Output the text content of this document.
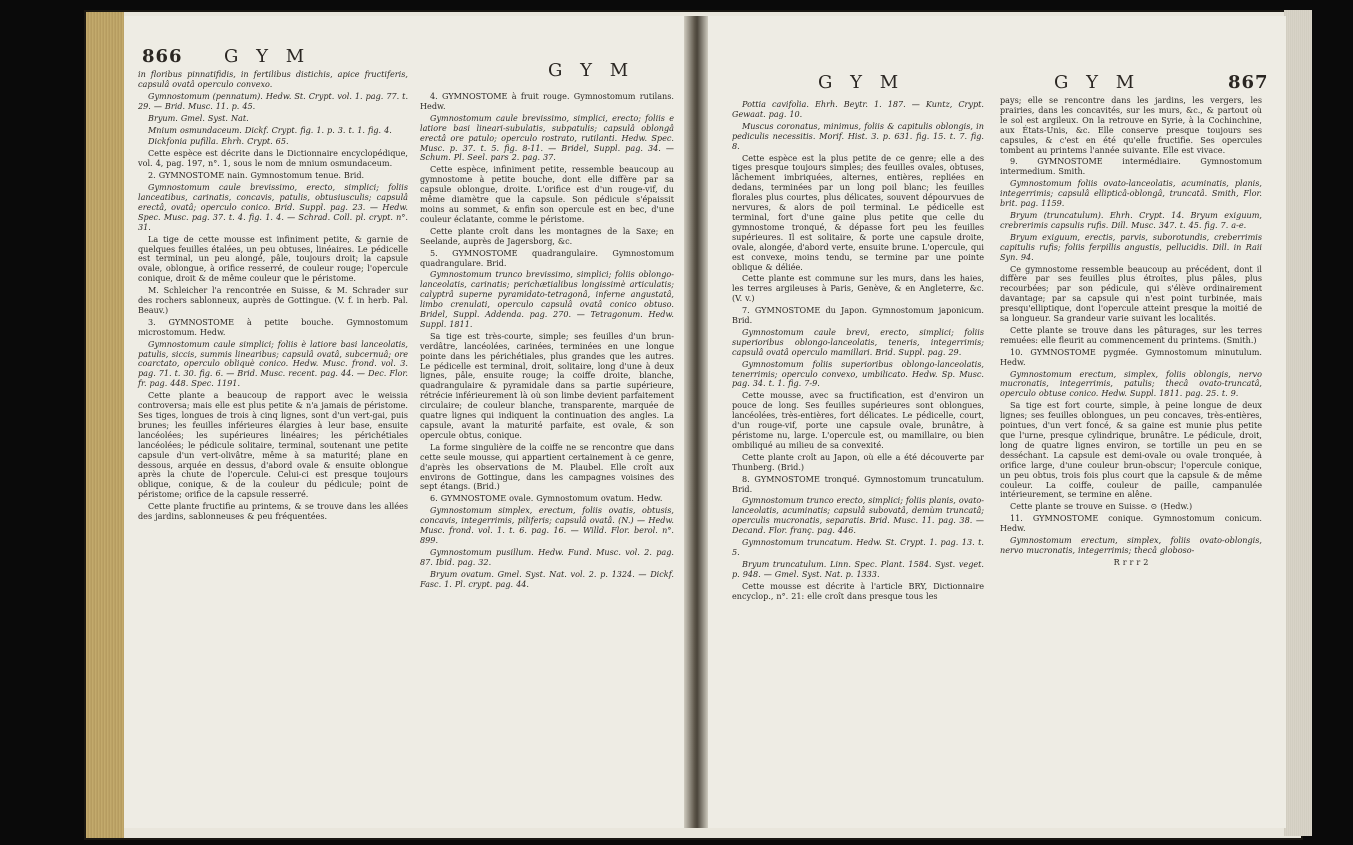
866 G Y M
G Y M

in floribus pinnatifidis, in fertilibus distichis, apice fructiferis, capsulâ ovatâ operculo convexo.

Gymnostomum (pennatum). Hedw. St. Crypt. vol. 1. pag. 77. t. 29. — Brid. Musc. 11. p. 45.

Bryum. Gmel. Syst. Nat.

Mnium osmundaceum. Dickf. Crypt. fig. 1. p. 3. t. 1. fig. 4.

Dickfonia pufilla. Ehrh. Crypt. 65.

Cette espèce est décrite dans le Dictionnaire encyclopédique, vol. 4, pag. 197, n°. 1, sous le nom de mnium osmundaceum.

2. GYMNOSTOME nain. Gymnostomum tenue. Brid.

Gymnostomum caule brevissimo, erecto, simplici; foliis lanceatibus, carinatis, concavis, patulis, obtusiusculis; capsulâ erectâ, ovatâ; operculo conico. Brid. Suppl. pag. 23. — Hedw. Spec. Musc. pag. 37. t. 4. fig. 1. 4. — Schrad. Coll. pl. crypt. n°. 31.

La tige de cette mousse est infiniment petite, & garnie de quelques feuilles étalées, un peu obtuses, linéaires. Le pédicelle est terminal, un peu alongé, pâle, toujours droit; la capsule ovale, oblongue, à orifice resserré, de couleur rouge; l'opercule conique, droit & de même couleur que le péristome.

M. Schleicher l'a rencontrée en Suisse, & M. Schrader sur des rochers sablonneux, auprès de Gottingue. (V. f. in herb. Pal. Beauv.)

3. GYMNOSTOME à petite bouche. Gymnostomum microstomum. Hedw.

Gymnostomum caule simplici; foliis è latiore basi lanceolatis, patulis, siccis, summis linearibus; capsulâ ovatâ, subcernuâ; ore coarctato, operculo obliquè conico. Hedw. Musc. frond. vol. 3. pag. 71. t. 30. fig. 6. — Brid. Musc. recent. pag. 44. — Dec. Flor. fr. pag. 448. Spec. 1191.

Cette plante a beaucoup de rapport avec le weissia controversa; mais elle est plus petite & n'a jamais de péristome. Ses tiges, longues de trois à cinq lignes, sont d'un vert-gai, puis brunes; les feuilles inférieures élargies à leur base, ensuite lancéolées; les supérieures linéaires; les périchétiales lancéolées; le pédicule solitaire, terminal, soutenant une petite capsule d'un vert-olivâtre, même à sa maturité; plane en dessous, arquée en dessus, d'abord ovale & ensuite oblongue après la chute de l'opercule. Celui-ci est presque toujours oblique, conique, & de la couleur du pédicule; point de péristome; orifice de la capsule resserré.

Cette plante fructifie au printems, & se trouve dans les allées des jardins, sablonneuses & peu fréquentées.

4. GYMNOSTOME à fruit rouge. Gymnostomum rutilans. Hedw.

Gymnostomum caule brevissimo, simplici, erecto; foliis e latiore basi lineari-subulatis, subpatulis; capsulâ oblongâ erectâ ore patulo; operculo rostrato, rutilanti. Hedw. Spec. Musc. p. 37. t. 5. fig. 8-11. — Bridel, Suppl. pag. 34. — Schum. Pl. Seel. pars 2. pag. 37.

Cette espèce, infiniment petite, ressemble beaucoup au gymnostome à petite bouche, dont elle diffère par sa capsule oblongue, droite. L'orifice est d'un rouge-vif, du même diamètre que la capsule. Son pédicule s'épaissit moins au sommet, & enfin son opercule est en bec, d'une couleur éclatante, comme le péristome.

Cette plante croît dans les montagnes de la Saxe; en Seelande, auprès de Jagersborg, &c.

5. GYMNOSTOME quadrangulaire. Gymnostomum quadrangulare. Brid.

Gymnostomum trunco brevissimo, simplici; foliis oblongo-lanceolatis, carinatis; perichætialibus longissimè articulatis; calyptrâ superne pyramidato-tetragonâ, inferne angustatâ, limbo crenulati, operculo capsulâ ovatâ conico obtuso. Bridel, Suppl. Addenda. pag. 270. — Tetragonum. Hedw. Suppl. 1811.

Sa tige est très-courte, simple; ses feuilles d'un brun-verdâtre, lancéolées, carinées, terminées en une longue pointe dans les périchétiales, plus grandes que les autres. Le pédicelle est terminal, droit, solitaire, long d'une à deux lignes, pâle, ensuite rouge; la coiffe droite, blanche, quadrangulaire & pyramidale dans sa partie supérieure, rétrécie inférieurement là où son limbe devient parfaitement circulaire; de couleur blanche, transparente, marquée de quatre lignes qui indiquent la continuation des angles. La capsule, avant la maturité parfaite, est ovale, & son opercule obtus, conique.

La forme singulière de la coiffe ne se rencontre que dans cette seule mousse, qui appartient certainement à ce genre, d'après les observations de M. Plaubel. Elle croît aux environs de Gottingue, dans les campagnes voisines des sept étangs. (Brid.)

6. GYMNOSTOME ovale. Gymnostomum ovatum. Hedw.

Gymnostomum simplex, erectum, foliis ovatis, obtusis, concavis, integerrimis, piliferis; capsulâ ovatâ. (N.) — Hedw. Musc. frond. vol. 1. t. 6. pag. 16. — Willd. Flor. berol. n°. 899.

Gymnostomum pusillum. Hedw. Fund. Musc. vol. 2. pag. 87. Ibid. pag. 32.

Bryum ovatum. Gmel. Syst. Nat. vol. 2. p. 1324. — Dickf. Fasc. 1. Pl. crypt. pag. 44.

G Y M	G Y M	867

Pottia cavifolia. Ehrh. Beytr. 1. 187. — Kuntz, Crypt. Gewaat. pag. 10.

Muscus coronatus, minimus, foliis & capitulis oblongis, in pediculis necessitis. Morif. Hist. 3. p. 631. fig. 15. t. 7. fig. 8.

Cette espèce est la plus petite de ce genre; elle a des tiges presque toujours simples; des feuilles ovales, obtuses, lâchement imbriquées, alternes, entières, repliées en dedans, terminées par un long poil blanc; les feuilles florales plus courtes, plus délicates, souvent dépourvues de nervures, & alors de poil terminal. Le pédicelle est terminal, fort d'une gaine plus petite que celle du gymnostome tronqué, & dépasse fort peu les feuilles supérieures. Il est solitaire, & porte une capsule droite, ovale, alongée, d'abord verte, ensuite brune. L'opercule, qui est convexe, moins tendu, se termine par une pointe oblique & déliée.

Cette plante est commune sur les murs, dans les haies, les terres argileuses à Paris, Genève, & en Angleterre, &c. (V. v.)

7. GYMNOSTOME du Japon. Gymnostomum japonicum. Brid.

Gymnostomum caule brevi, erecto, simplici; foliis superioribus oblongo-lanceolatis, teneris, integerrimis; capsulâ ovatâ operculo mamillari. Brid. Suppl. pag. 29.

Gymnostomum foliis superioribus oblongo-lanceolatis, tenerrimis; operculo convexo, umbilicato. Hedw. Sp. Musc. pag. 34. t. 1. fig. 7-9.

Cette mousse, avec sa fructification, est d'environ un pouce de long. Ses feuilles supérieures sont oblongues, lancéolées, très-entières, fort délicates. Le pédicelle, court, d'un rouge-vif, porte une capsule ovale, brunâtre, à péristome nu, large. L'opercule est, ou mamillaire, ou bien ombiliqué au milieu de sa convexité.

Cette plante croît au Japon, où elle a été découverte par Thunberg. (Brid.)

8. GYMNOSTOME tronqué. Gymnostomum truncatulum. Brid.

Gymnostomum trunco erecto, simplici; foliis planis, ovato-lanceolatis, acuminatis; capsulâ subovatâ, demùm truncatâ; operculis mucronatis, separatis. Brid. Musc. 11. pag. 38. — Decand. Flor. franç. pag. 446.

Gymnostomum truncatum. Hedw. St. Crypt. 1. pag. 13. t. 5.

Bryum truncatulum. Linn. Spec. Plant. 1584. Syst. veget. p. 948. — Gmel. Syst. Nat. p. 1333.

Cette mousse est décrite à l'article BRY, Dictionnaire encyclop., n°. 21: elle croît dans presque tous les

pays; elle se rencontre dans les jardins, les vergers, les prairies, dans les concavités, sur les murs, &c., & partout où le sol est argileux. On la retrouve en Syrie, à la Cochinchine, aux États-Unis, &c. Elle conserve presque toujours ses capsules, & c'est en été qu'elle fructifie. Ses opercules tombent au printems l'année suivante. Elle est vivace.

9. GYMNOSTOME intermédiaire. Gymnostomum intermedium. Smith.

Gymnostomum foliis ovato-lanceolatis, acuminatis, planis, integerrimis; capsulâ ellipticâ-oblongâ, truncatâ. Smith, Flor. brit. pag. 1159.

Bryum (truncatulum). Ehrh. Crypt. 14. Bryum exiguum, crebrerimis capsulis rufis. Dill. Musc. 347. t. 45. fig. 7. a-e.

Bryum exiguum, erectis, parvis, suborotundis, creberrimis capitulis rufis; foliis ferpillis angustis, pellucidis. Dill. in Raii Syn. 94.

Ce gymnostome ressemble beaucoup au précédent, dont il diffère par ses feuilles plus étroites, plus pâles, plus recourbées; par son pédicule, qui s'élève ordinairement davantage; par sa capsule qui n'est point turbinée, mais presqu'elliptique, dont l'opercule atteint presque la moitié de sa longueur. Sa grandeur varie suivant les localités.

Cette plante se trouve dans les pâturages, sur les terres remuées: elle fleurit au commencement du printems. (Smith.)

10. GYMNOSTOME pygmée. Gymnostomum minutulum. Hedw.

Gymnostomum erectum, simplex, foliis oblongis, nervo mucronatis, integerrimis, patulis; thecâ ovato-truncatâ, operculo obtuse conico. Hedw. Suppl. 1811. pag. 25. t. 9.

Sa tige est fort courte, simple, à peine longue de deux lignes; ses feuilles oblongues, un peu concaves, très-entières, pointues, d'un vert foncé, & sa gaine est munie plus petite que l'urne, presque cylindrique, brunâtre. Le pédicule, droit, long de quatre lignes environ, se tortille un peu en se desséchant. La capsule est demi-ovale ou ovale tronquée, à orifice large, d'une couleur brun-obscur; l'opercule conique, un peu obtus, trois fois plus court que la capsule & de même couleur. La coiffe, couleur de paille, campanulée intérieurement, se termine en alêne.

Cette plante se trouve en Suisse. ⊙ (Hedw.)

11. GYMNOSTOME conique. Gymnostomum conicum. Hedw.

Gymnostomum erectum, simplex, foliis ovato-oblongis, nervo mucronatis, integerrimis; thecâ globoso-

R r r r 2
